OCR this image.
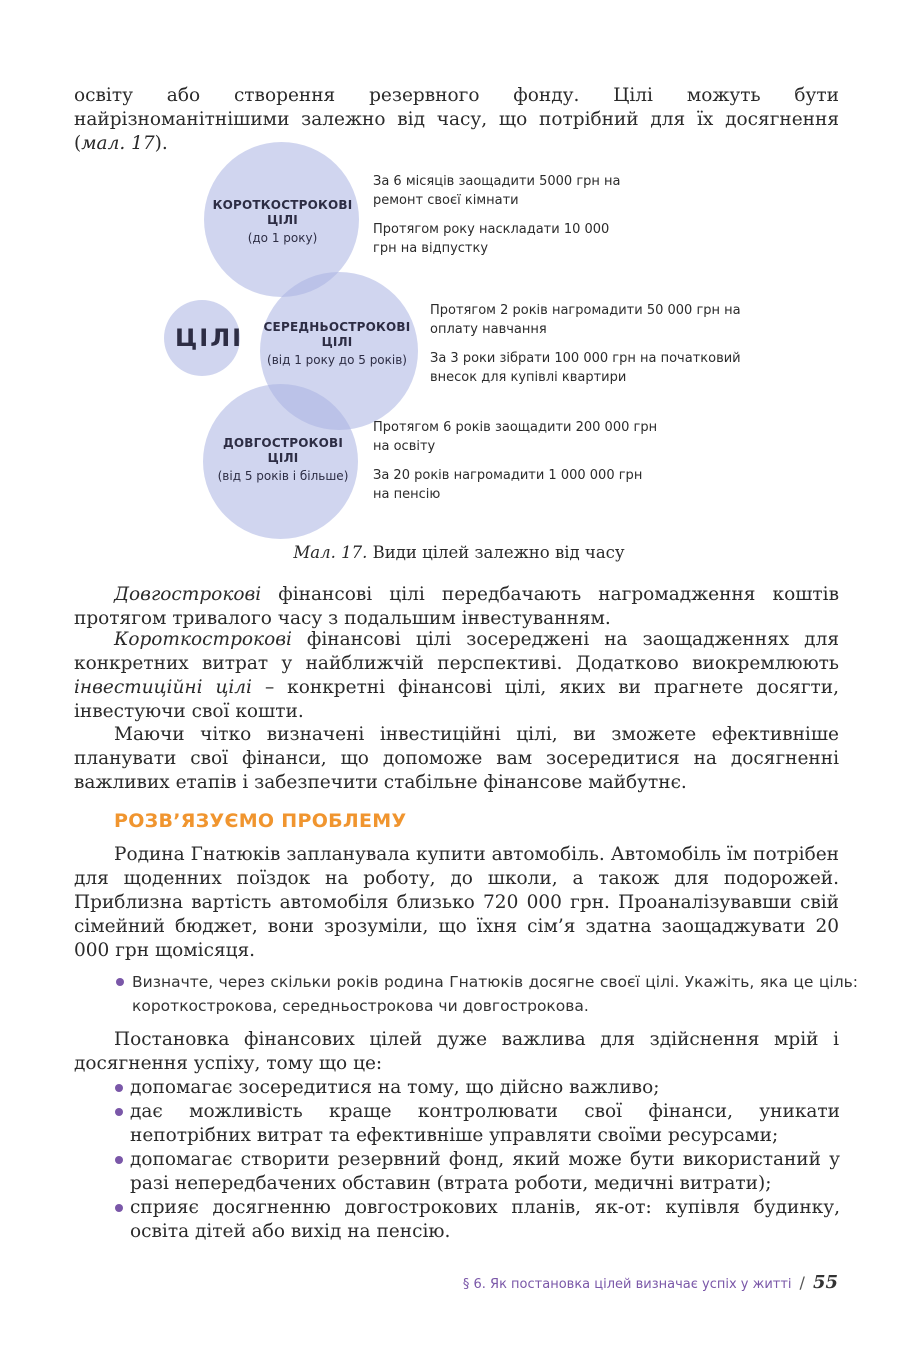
освіту або створення резервного фонду. Цілі можуть бути найрізноманітнішими залежно від часу, що потрібний для їх досягнення (мал. 17).

ЦІЛІ
КОРОТКОСТРОКОВІ ЦІЛІ
(до 1 року)
СЕРЕДНЬОСТРОКОВІ ЦІЛІ
(від 1 року до 5 років)
ДОВГОСТРОКОВІ ЦІЛІ
(від 5 років і більше)
За 6 місяців заощадити 5000 грн на ремонт своєї кімнати
Протягом року наскладати 10 000 грн на відпустку
Протягом 2 років нагромадити 50 000 грн на оплату навчання
За 3 роки зібрати 100 000 грн на початковий внесок для купівлі квартири
Протягом 6 років заощадити 200 000 грн на освіту
За 20 років нагромадити 1 000 000 грн на пенсію
Мал. 17. Види цілей залежно від часу

Довгострокові фінансові цілі передбачають нагромадження коштів протягом тривалого часу з подальшим інвестуванням.

Короткострокові фінансові цілі зосереджені на заощадженнях для конкретних витрат у найближчій перспективі. Додатково виокремлюють інвестиційні цілі – конкретні фінансові цілі, яких ви прагнете досягти, інвестуючи свої кошти.

Маючи чітко визначені інвестиційні цілі, ви зможете ефективніше планувати свої фінанси, що допоможе вам зосередитися на досягненні важливих етапів і забезпечити стабільне фінансове майбутнє.

РОЗВ’ЯЗУЄМО ПРОБЛЕМУ

Родина Гнатюків запланувала купити автомобіль. Автомобіль їм потрібен для щоденних поїздок на роботу, до школи, а також для подорожей. Приблизна вартість автомобіля близько 720 000 грн. Проаналізувавши свій сімейний бюджет, вони зрозуміли, що їхня сім’я здатна заощаджувати 20 000 грн щомісяця.

Визначте, через скільки років родина Гнатюків досягне своєї цілі. Укажіть, яка це ціль: короткострокова, середньострокова чи довгострокова.

Постановка фінансових цілей дуже важлива для здійснення мрій і досягнення успіху, тому що це:

допомагає зосередитися на тому, що дійсно важливо;
дає можливість краще контролювати свої фінанси, уникати непотрібних витрат та ефективніше управляти своїми ресурсами;
допомагає створити резервний фонд, який може бути використаний у разі непередбачених обставин (втрата роботи, медичні витрати);
сприяє досягненню довгострокових планів, як-от: купівля будинку, освіта дітей або вихід на пенсію.
§ 6. Як постановка цілей визначає успіх у житті / 55
